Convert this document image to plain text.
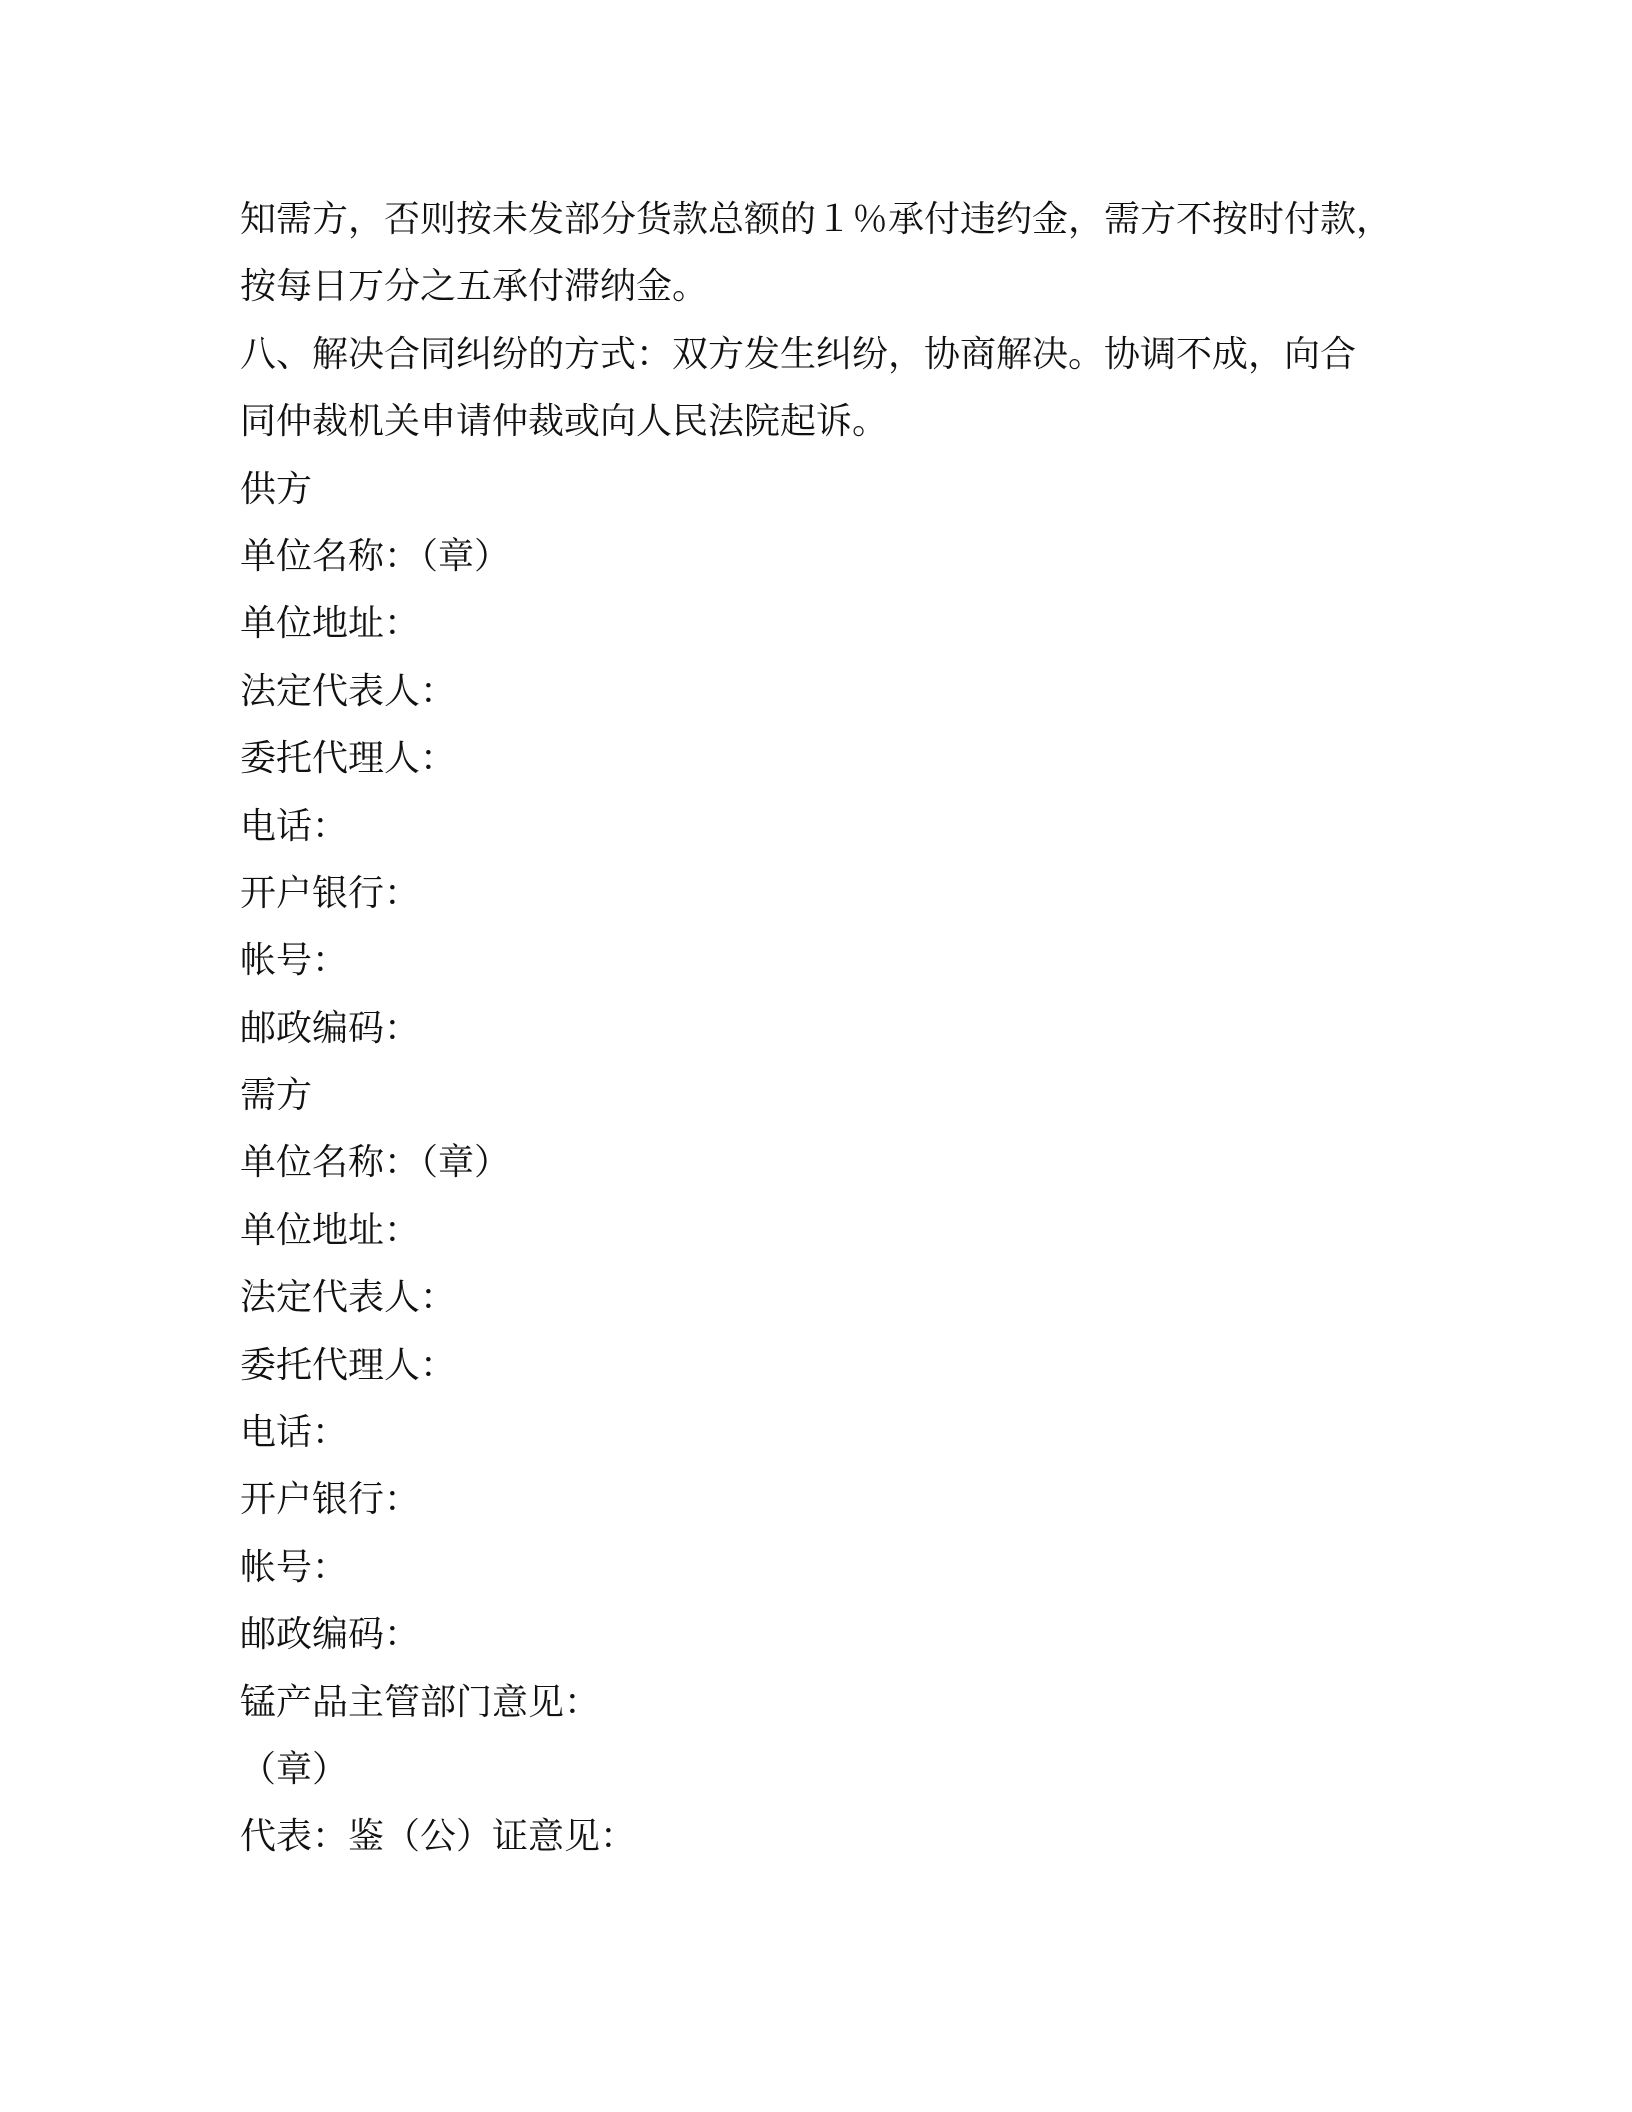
知需方，否则按未发部分货款总额的１％承付违约金，需方不按时付款，
按每日万分之五承付滞纳金。
八、解决合同纠纷的方式：双方发生纠纷，协商解决。协调不成，向合
同仲裁机关申请仲裁或向人民法院起诉。
供方
单位名称：（章）
单位地址：
法定代表人：
委托代理人：
电话：
开户银行：
帐号：
邮政编码：
需方
单位名称：（章）
单位地址：
法定代表人：
委托代理人：
电话：
开户银行：
帐号：
邮政编码：
锰产品主管部门意见：
（章）
代表：鉴（公）证意见：
